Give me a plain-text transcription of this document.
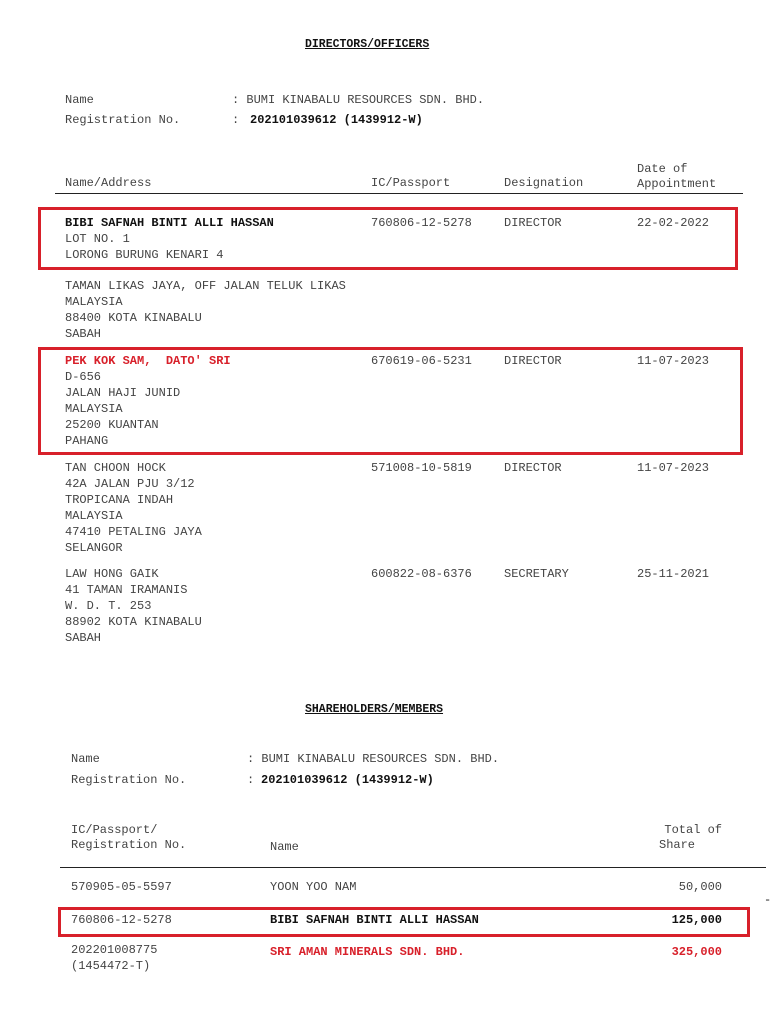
DIRECTORS/OFFICERS
Name	: BUMI KINABALU RESOURCES SDN. BHD.
Registration No.	: 202101039612 (1439912-W)
Name/Address	IC/Passport	Designation
Date of
Appointment
BIBI SAFNAH BINTI ALLI HASSAN
LOT NO. 1
LORONG BURUNG KENARI 4
TAMAN LIKAS JAYA, OFF JALAN TELUK LIKAS
MALAYSIA
88400 KOTA KINABALU
SABAH
760806-12-5278	DIRECTOR	22-02-2022
PEK KOK SAM,  DATO' SRI
D-656
JALAN HAJI JUNID
MALAYSIA
25200 KUANTAN
PAHANG
670619-06-5231	DIRECTOR	11-07-2023
TAN CHOON HOCK
42A JALAN PJU 3/12
TROPICANA INDAH
MALAYSIA
47410 PETALING JAYA
SELANGOR
571008-10-5819	DIRECTOR	11-07-2023
LAW HONG GAIK
41 TAMAN IRAMANIS
W. D. T. 253
88902 KOTA KINABALU
SABAH
600822-08-6376	SECRETARY	25-11-2021
SHAREHOLDERS/MEMBERS
Name	: BUMI KINABALU RESOURCES SDN. BHD.
Registration No.	: 202101039612 (1439912-W)
IC/Passport/
Registration No.	Name
Total of
Share
570905-05-5597	YOON YOO NAM	50,000
-
760806-12-5278	BIBI SAFNAH BINTI ALLI HASSAN	125,000
202201008775
(1454472-T)
SRI AMAN MINERALS SDN. BHD.	325,000
